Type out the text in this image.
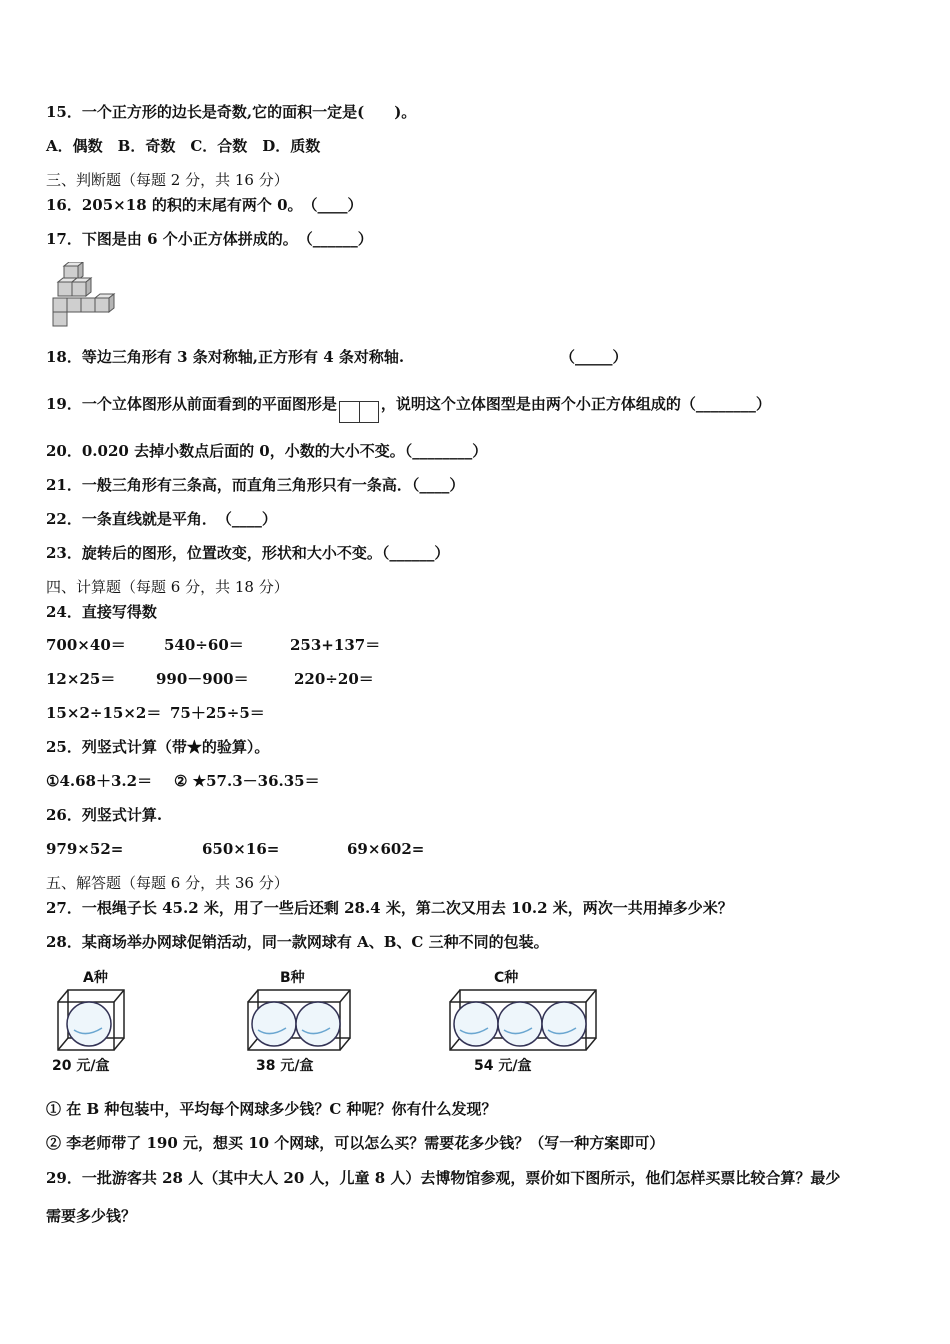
15．一个正方形的边长是奇数,它的面积一定是(　　)。
A．偶数　B．奇数　C．合数　D．质数
三、判断题（每题 2 分，共 16 分）
16．205×18 的积的末尾有两个 0。　（____）
17．下图是由 6 个小正方体拼成的。　（______）
18．等边三角形有 3 条对称轴,正方形有 4 条对称轴.	（_____）
19．一个立体图形从前面看到的平面图形是	，说明这个立体图型是由两个小正方体组成的（________）
20．0.020 去掉小数点后面的 0，小数的大小不变。（________）
21．一般三角形有三条高，而直角三角形只有一条高．（____）
22．一条直线就是平角．　（____）
23．旋转后的图形，位置改变，形状和大小不变。（______）
四、计算题（每题 6 分，共 18 分）
24．直接写得数
700×40＝	540÷60＝	253+137＝
12×25＝	990－900＝	220÷20＝
15×2÷15×2＝ 75＋25÷5＝
25．列竖式计算（带★的验算）。
①4.68＋3.2＝ ② ★57.3－36.35＝
26．列竖式计算.
979×52=	650×16=	69×602=
五、解答题（每题 6 分，共 36 分）
27．一根绳子长 45.2 米，用了一些后还剩 28.4 米，第二次又用去 10.2 米，两次一共用掉多少米？
28．某商场举办网球促销活动，同一款网球有 A、B、C 三种不同的包装。
A种
20 元/盒
B种
38 元/盒
C种
54 元/盒
① 在 B 种包装中，平均每个网球多少钱？C 种呢？你有什么发现？
② 李老师带了 190 元，想买 10 个网球，可以怎么买？需要花多少钱？（写一种方案即可）
29．一批游客共 28 人（其中大人 20 人，儿童 8 人）去博物馆参观，票价如下图所示，他们怎样买票比较合算？最少
需要多少钱？
